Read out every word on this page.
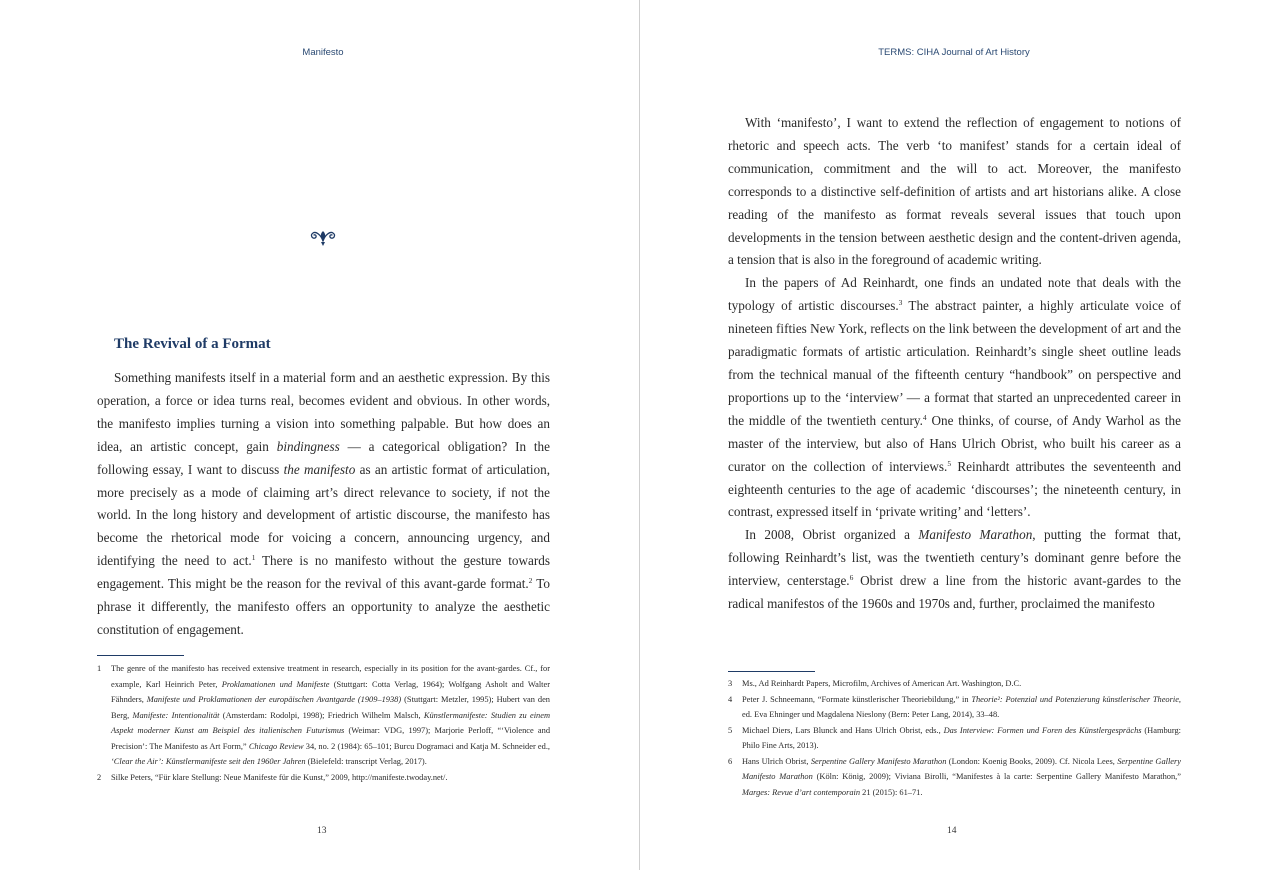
Manifesto
The Revival of a Format

Something manifests itself in a material form and an aesthetic expression. By this operation, a force or idea turns real, becomes evident and obvious. In other words, the manifesto implies turning a vision into something palpable. But how does an idea, an artistic concept, gain bindingness — a categorical obligation? In the following essay, I want to discuss the manifesto as an artistic format of articulation, more precisely as a mode of claiming art’s direct relevance to society, if not the world. In the long history and development of artistic discourse, the manifesto has become the rhetorical mode for voicing a concern, announcing urgency, and identifying the need to act.$^1$ There is no manifesto without the gesture towards engagement. This might be the reason for the revival of this avant-garde format.$^2$ To phrase it differently, the manifesto offers an opportunity to analyze the aesthetic constitution of engagement.

1	The genre of the manifesto has received extensive treatment in research, especially in its position for the avant-gardes. Cf., for example, Karl Heinrich Peter, Proklamationen und Manifeste (Stuttgart: Cotta Verlag, 1964); Wolfgang Asholt and Walter Fähnders, Manifeste und Proklamationen der europäischen Avantgarde (1909–1938) (Stuttgart: Metzler, 1995); Hubert van den Berg, Manifeste: Intentionalität (Amsterdam: Rodolpi, 1998); Friedrich Wilhelm Malsch, Künstlermanifeste: Studien zu einem Aspekt moderner Kunst am Beispiel des italienischen Futurismus (Weimar: VDG, 1997); Marjorie Perloff, “‘Violence and Precision’: The Manifesto as Art Form,” Chicago Review 34, no. 2 (1984): 65–101; Burcu Dogramaci and Katja M. Schneider ed., ‘Clear the Air’: Künstlermanifeste seit den 1960er Jahren (Bielefeld: transcript Verlag, 2017).
2	Silke Peters, “Für klare Stellung: Neue Manifeste für die Kunst,” 2009, http://manifeste.twoday.net/.
13
TERMS: CIHA Journal of Art History

With ‘manifesto’, I want to extend the reflection of engagement to notions of rhetoric and speech acts. The verb ‘to manifest’ stands for a certain ideal of communication, commitment and the will to act. Moreover, the manifesto corresponds to a distinctive self-definition of artists and art historians alike. A close reading of the manifesto as format reveals several issues that touch upon developments in the tension between aesthetic design and the content-driven agenda, a tension that is also in the foreground of academic writing.

In the papers of Ad Reinhardt, one finds an undated note that deals with the typology of artistic discourses.$^3$ The abstract painter, a highly articulate voice of nineteen fifties New York, reflects on the link between the development of art and the paradigmatic formats of artistic articulation. Reinhardt’s single sheet outline leads from the technical manual of the fifteenth century “handbook” on perspective and proportions up to the ‘interview’ — a format that started an unprecedented career in the middle of the twentieth century.$^4$ One thinks, of course, of Andy Warhol as the master of the interview, but also of Hans Ulrich Obrist, who built his career as a curator on the collection of interviews.$^5$ Reinhardt attributes the seventeenth and eighteenth centuries to the age of academic ‘discourses’; the nineteenth century, in contrast, expressed itself in ‘private writing’ and ‘letters’.

In 2008, Obrist organized a Manifesto Marathon, putting the format that, following Reinhardt’s list, was the twentieth century’s dominant genre before the interview, centerstage.$^6$ Obrist drew a line from the historic avant-gardes to the radical manifestos of the 1960s and 1970s and, further, proclaimed the manifesto

3	Ms., Ad Reinhardt Papers, Microfilm, Archives of American Art. Washington, D.C.
4	Peter J. Schneemann, “Formate künstlerischer Theoriebildung,” in Theorie²: Potenzial und Potenzierung künstlerischer Theorie, ed. Eva Ehninger und Magdalena Nieslony (Bern: Peter Lang, 2014), 33–48.
5	Michael Diers, Lars Blunck and Hans Ulrich Obrist, eds., Das Interview: Formen und Foren des Künstlergesprächs (Hamburg: Philo Fine Arts, 2013).
6	Hans Ulrich Obrist, Serpentine Gallery Manifesto Marathon (London: Koenig Books, 2009). Cf. Nicola Lees, Serpentine Gallery Manifesto Marathon (Köln: König, 2009); Viviana Birolli, “Manifestes à la carte: Serpentine Gallery Manifesto Marathon,” Marges: Revue d’art contemporain 21 (2015): 61–71.
14
